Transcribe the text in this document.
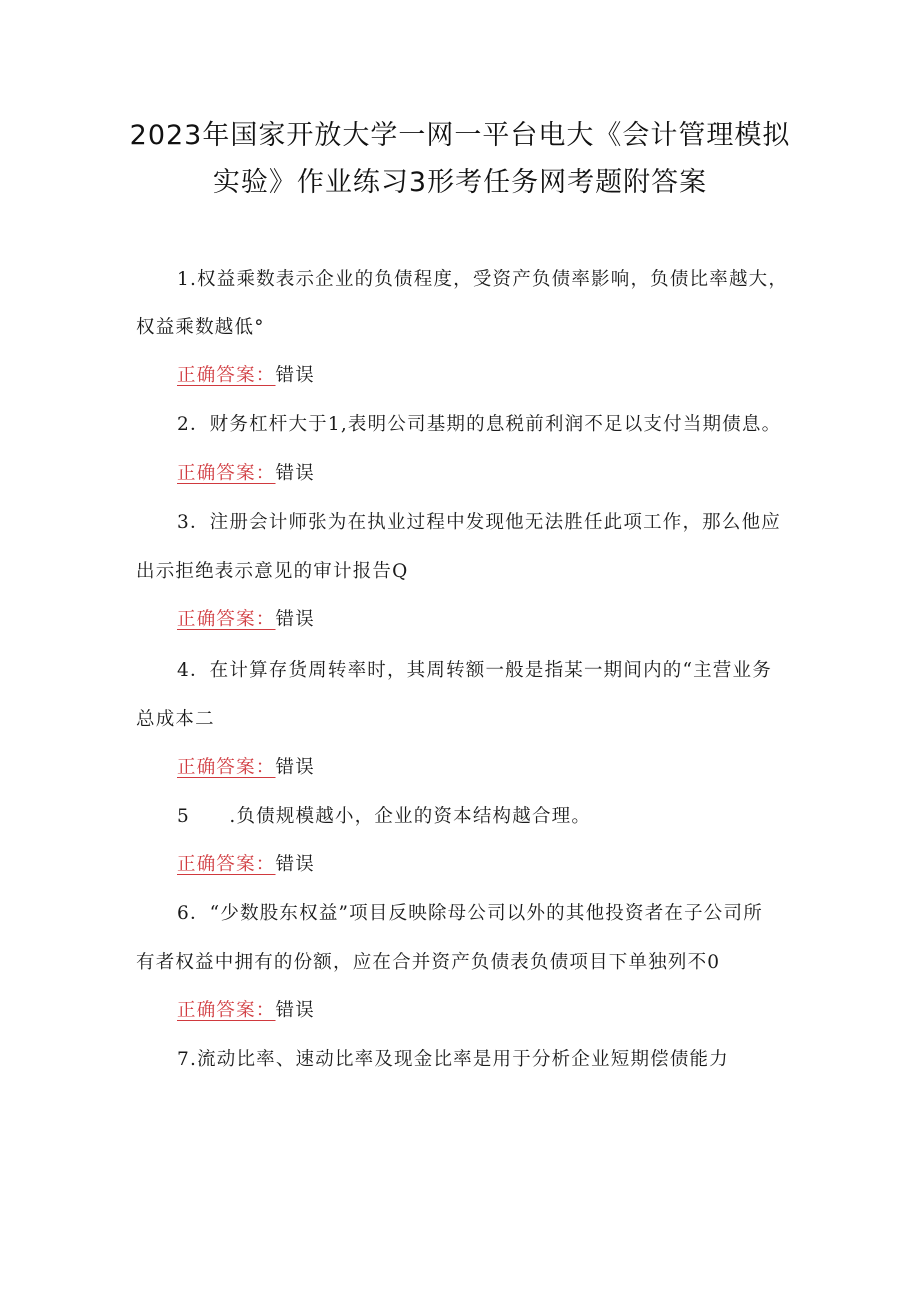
2023年国家开放大学一网一平台电大《会计管理模拟
实验》作业练习3形考任务网考题附答案
1.权益乘数表示企业的负债程度，受资产负债率影响，负债比率越大，
权益乘数越低°
正确答案：错误
2．财务杠杆大于1,表明公司基期的息税前利润不足以支付当期债息。
正确答案：错误
3．注册会计师张为在执业过程中发现他无法胜任此项工作，那么他应
出示拒绝表示意见的审计报告Q
正确答案：错误
4．在计算存货周转率时，其周转额一般是指某一期间内的“主营业务
总成本二
正确答案：错误
5　　.负债规模越小，企业的资本结构越合理。
正确答案：错误
6．“少数股东权益”项目反映除母公司以外的其他投资者在子公司所
有者权益中拥有的份额，应在合并资产负债表负债项目下单独列不0
正确答案：错误
7.流动比率、速动比率及现金比率是用于分析企业短期偿债能力
